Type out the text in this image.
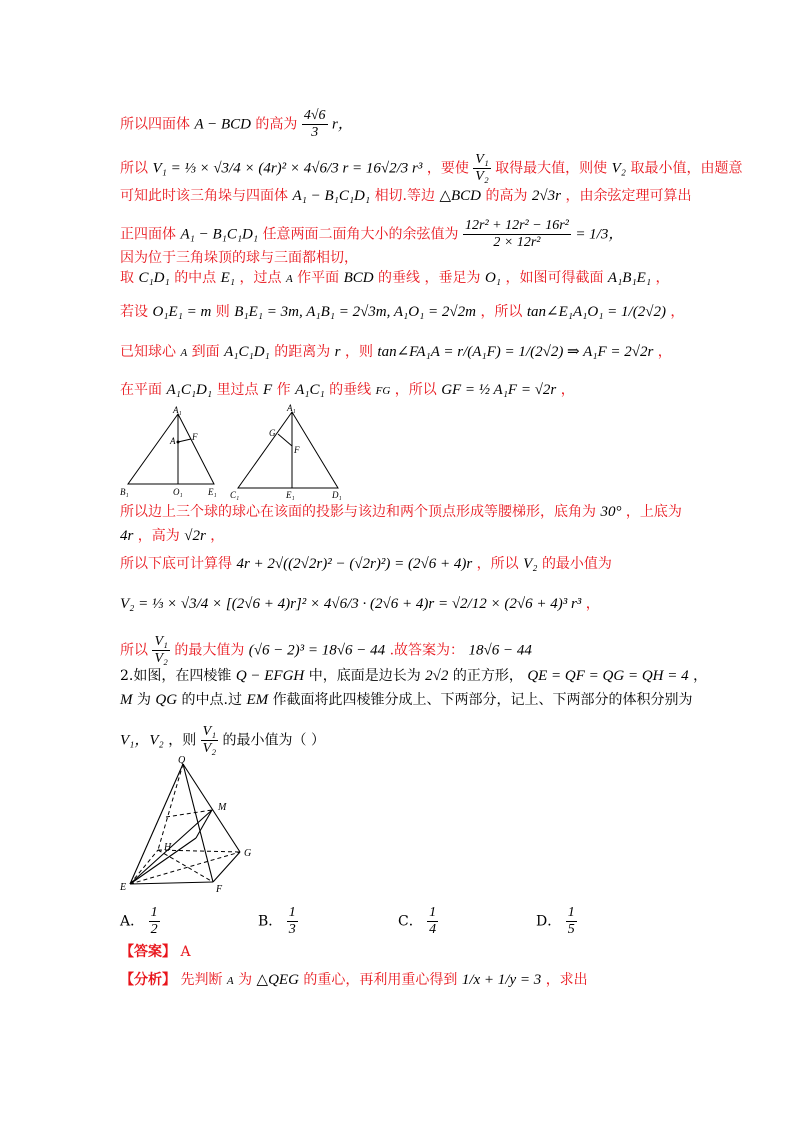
所以四面体 A − BCD 的高为 $\frac{4√6}{3}$ r，
所以 V₁ = ⅓ × √3/4 × (4r)² × 4√6/3 r = 16√2/3 r³ ，要使 $\frac{\text{V₁}}{\text{V₂}}$ 取得最大值，则使 V₂ 取最小值，由题意
可知此时该三角垛与四面体 A₁ − B₁C₁D₁ 相切.等边 △BCD 的高为 2√3r ，由余弦定理可算出
正四面体 A₁ − B₁C₁D₁ 任意两面二面角大小的余弦值为 $\frac{\text{12r² + 12r² − 16r²}}{\text{2 × 12r²}} = 1/3$，
因为位于三角垛顶的球与三面都相切，
取 C₁D₁ 的中点 E₁ ，过点 A 作平面 BCD 的垂线 ，垂足为 O₁ ，如图可得截面 A₁B₁E₁ ，
若设 O₁E₁ = m 则 B₁E₁ = 3m, A₁B₁ = 2√3m, A₁O₁ = 2√2m ，所以 tan∠E₁A₁O₁ = 1/(2√2) ，
已知球心 A 到面 A₁C₁D₁ 的距离为 r ，则 tan∠FA₁A = r/(A₁F) = 1/(2√2) ⇒ A₁F = 2√2r ，
在平面 A₁C₁D₁ 里过点 F 作 A₁C₁ 的垂线 FG ，所以 GF = ½ A₁F = √2r ，
A₁
A F
B₁	O₁	E₁
A₁
G
F
C₁	E₁	D₁
所以边上三个球的球心在该面的投影与该边和两个顶点形成等腰梯形，底角为 30° ，上底为
4r ，高为 √2r ，
所以下底可计算得 4r + 2√((2√2r)² − (√2r)²) = (2√6 + 4)r ，所以 V₂ 的最小值为
V₂ = ⅓ × √3/4 × [(2√6 + 4)r]² × 4√6/3 · (2√6 + 4)r = √2/12 × (2√6 + 4)³ r³ ，
所以 $\frac{\text{V₁}}{\text{V₂}}$ 的最大值为 (√6 − 2)³ = 18√6 − 44 .故答案为： 18√6 − 44
2.如图，在四棱锥 Q − EFGH 中，底面是边长为 2√2 的正方形， QE = QF = QG = QH = 4 ，
M 为 QG 的中点.过 EM 作截面将此四棱锥分成上、下两部分，记上、下两部分的体积分别为
V₁，V₂ ，则 $\frac{\text{V₁}}{\text{V₂}}$ 的最小值为（ ）
Q
M
H
G
E	F
A． $\frac{1}{2}$	B． $\frac{1}{3}$	C． $\frac{1}{4}$	D． $\frac{1}{5}$
【答案】 A
【分析】 先判断 A 为 △QEG 的重心，再利用重心得到 1/x + 1/y = 3 ，求出
